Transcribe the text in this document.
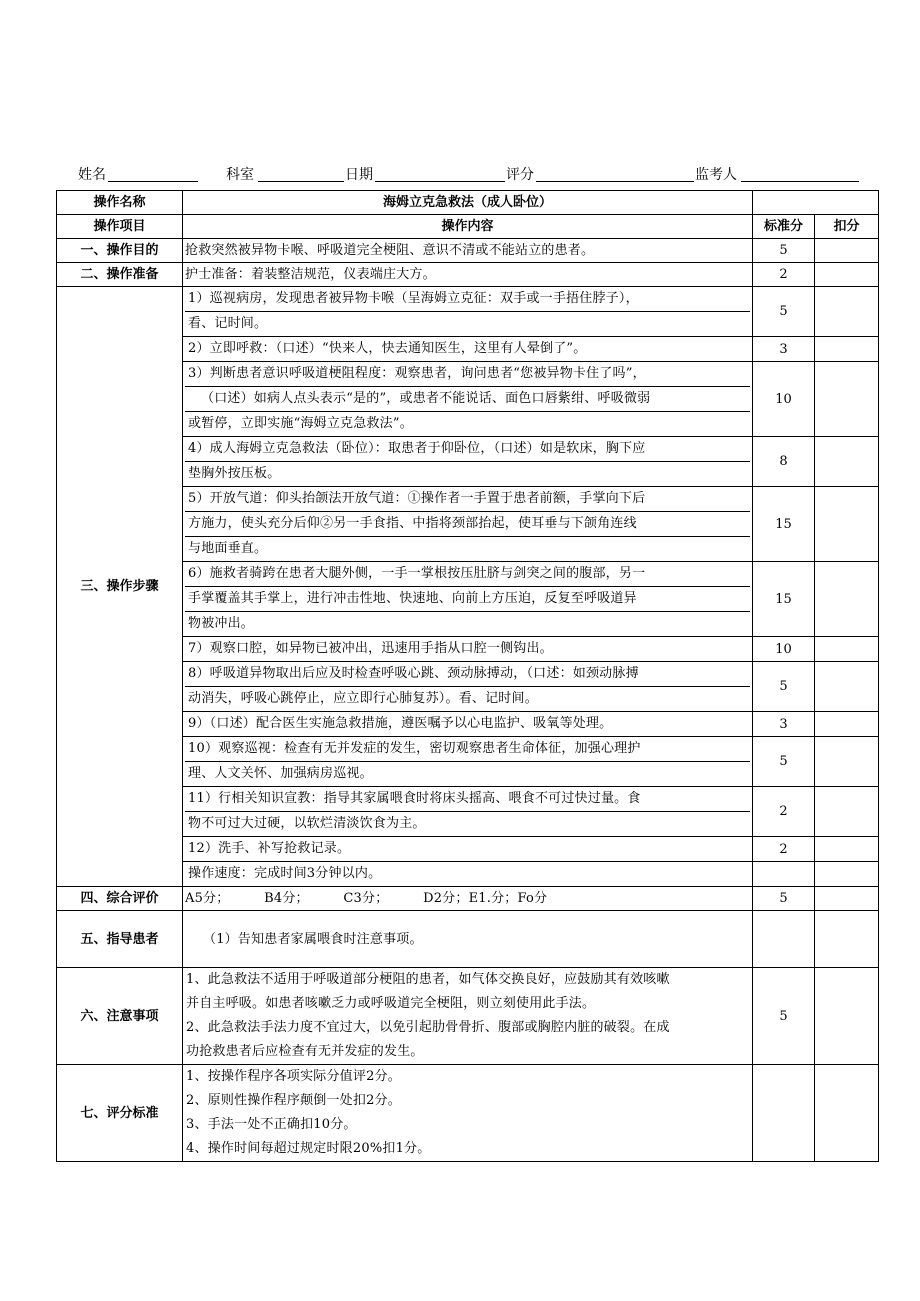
姓名	科室	日期	评分	监考人
操作名称	海姆立克急救法（成人卧位）		
操作项目	操作内容	标准分	扣分
一、操作目的	抢救突然被异物卡喉、呼吸道完全梗阻、意识不清或不能站立的患者。	5	
二、操作准备	护士准备：着装整洁规范，仪表端庄大方。	2	
三、操作步骤	1）巡视病房，发现患者被异物卡喉（呈海姆立克征：双手或一手捂住脖子），
看、记时间。	5	

	2）立即呼救：（口述）“快来人，快去通知医生，这里有人晕倒了”。	3	

	3）判断患者意识呼吸道梗阻程度：观察患者，询问患者“您被异物卡住了吗”，
（口述）如病人点头表示“是的”，或患者不能说话、面色口唇紫绀、呼吸微弱
或暂停，立即实施“海姆立克急救法”。	10	

	4）成人海姆立克急救法（卧位）：取患者于仰卧位，（口述）如是软床，胸下应
垫胸外按压板。	8	

	5）开放气道：仰头抬颌法开放气道：①操作者一手置于患者前额，手掌向下后
方施力，使头充分后仰②另一手食指、中指将颈部抬起，使耳垂与下颌角连线
与地面垂直。	15	

	6）施救者骑跨在患者大腿外侧，一手一掌根按压肚脐与剑突之间的腹部，另一
手掌覆盖其手掌上，进行冲击性地、快速地、向前上方压迫，反复至呼吸道异
物被冲出。	15	

	7）观察口腔，如异物已被冲出，迅速用手指从口腔一侧钩出。	10	

	8）呼吸道异物取出后应及时检查呼吸心跳、颈动脉搏动，（口述：如颈动脉搏
动消失，呼吸心跳停止，应立即行心肺复苏）。看、记时间。	5	

	9）（口述）配合医生实施急救措施，遵医嘱予以心电监护、吸氧等处理。	3	

	10）观察巡视：检查有无并发症的发生，密切观察患者生命体征，加强心理护
理、人文关怀、加强病房巡视。	5	

	11）行相关知识宣教：指导其家属喂食时将床头摇高、喂食不可过快过量。食
物不可过大过硬，以软烂清淡饮食为主。	2	

	12）洗手、补写抢救记录。	2	

	操作速度：完成时间3分钟以内。		

四、综合评价	A5分；        B4分；        C3分；        D2分；E1.分；Fo分	5	
五、指导患者	（1）告知患者家属喂食时注意事项。		
六、注意事项	1、此急救法不适用于呼吸道部分梗阻的患者，如气体交换良好，应鼓励其有效咳嗽
并自主呼吸。如患者咳嗽乏力或呼吸道完全梗阻，则立刻使用此手法。
2、此急救法手法力度不宜过大，以免引起肋骨骨折、腹部或胸腔内脏的破裂。在成
功抢救患者后应检查有无并发症的发生。	5	
七、评分标准	1、按操作程序各项实际分值评2分。
2、原则性操作程序颠倒一处扣2分。
3、手法一处不正确扣10分。
4、操作时间每超过规定时限20%扣1分。		
